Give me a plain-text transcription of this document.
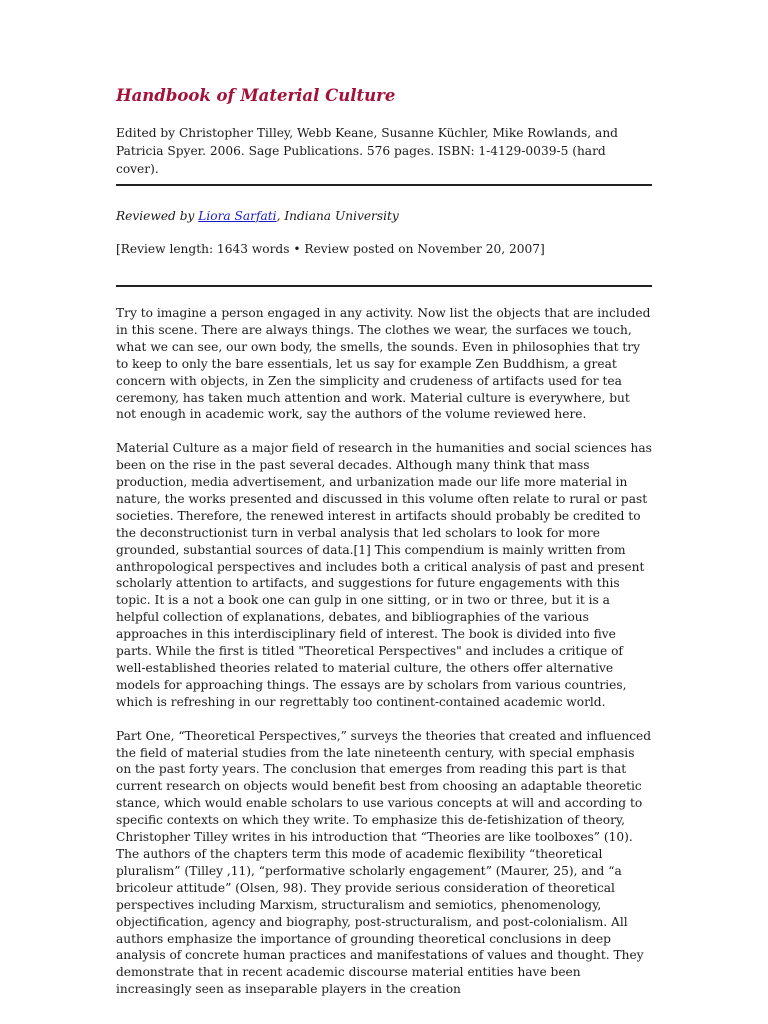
Handbook of Material Culture

Edited by Christopher Tilley, Webb Keane, Susanne Küchler, Mike Rowlands, and Patricia Spyer. 2006. Sage Publications. 576 pages. ISBN: 1-4129-0039-5 (hard cover).

Reviewed by Liora Sarfati, Indiana University

[Review length: 1643 words • Review posted on November 20, 2007]

Try to imagine a person engaged in any activity. Now list the objects that are included in this scene. There are always things. The clothes we wear, the surfaces we touch, what we can see, our own body, the smells, the sounds. Even in philosophies that try to keep to only the bare essentials, let us say for example Zen Buddhism, a great concern with objects, in Zen the simplicity and crudeness of artifacts used for tea ceremony, has taken much attention and work. Material culture is everywhere, but not enough in academic work, say the authors of the volume reviewed here.

Material Culture as a major field of research in the humanities and social sciences has been on the rise in the past several decades. Although many think that mass production, media advertisement, and urbanization made our life more material in nature, the works presented and discussed in this volume often relate to rural or past societies. Therefore, the renewed interest in artifacts should probably be credited to the deconstructionist turn in verbal analysis that led scholars to look for more grounded, substantial sources of data.[1] This compendium is mainly written from anthropological perspectives and includes both a critical analysis of past and present scholarly attention to artifacts, and suggestions for future engagements with this topic. It is a not a book one can gulp in one sitting, or in two or three, but it is a helpful collection of explanations, debates, and bibliographies of the various approaches in this interdisciplinary field of interest. The book is divided into five parts. While the first is titled "Theoretical Perspectives" and includes a critique of well-established theories related to material culture, the others offer alternative models for approaching things. The essays are by scholars from various countries, which is refreshing in our regrettably too continent-contained academic world.

Part One, “Theoretical Perspectives,” surveys the theories that created and influenced the field of material studies from the late nineteenth century, with special emphasis on the past forty years. The conclusion that emerges from reading this part is that current research on objects would benefit best from choosing an adaptable theoretic stance, which would enable scholars to use various concepts at will and according to specific contexts on which they write. To emphasize this de-fetishization of theory, Christopher Tilley writes in his introduction that “Theories are like toolboxes” (10). The authors of the chapters term this mode of academic flexibility “theoretical pluralism” (Tilley ,11), “performative scholarly engagement” (Maurer, 25), and “a bricoleur attitude” (Olsen, 98). They provide serious consideration of theoretical perspectives including Marxism, structuralism and semiotics, phenomenology, objectification, agency and biography, post-structuralism, and post-colonialism. All authors emphasize the importance of grounding theoretical conclusions in deep analysis of concrete human practices and manifestations of values and thought. They demonstrate that in recent academic discourse material entities have been increasingly seen as inseparable players in the creation
